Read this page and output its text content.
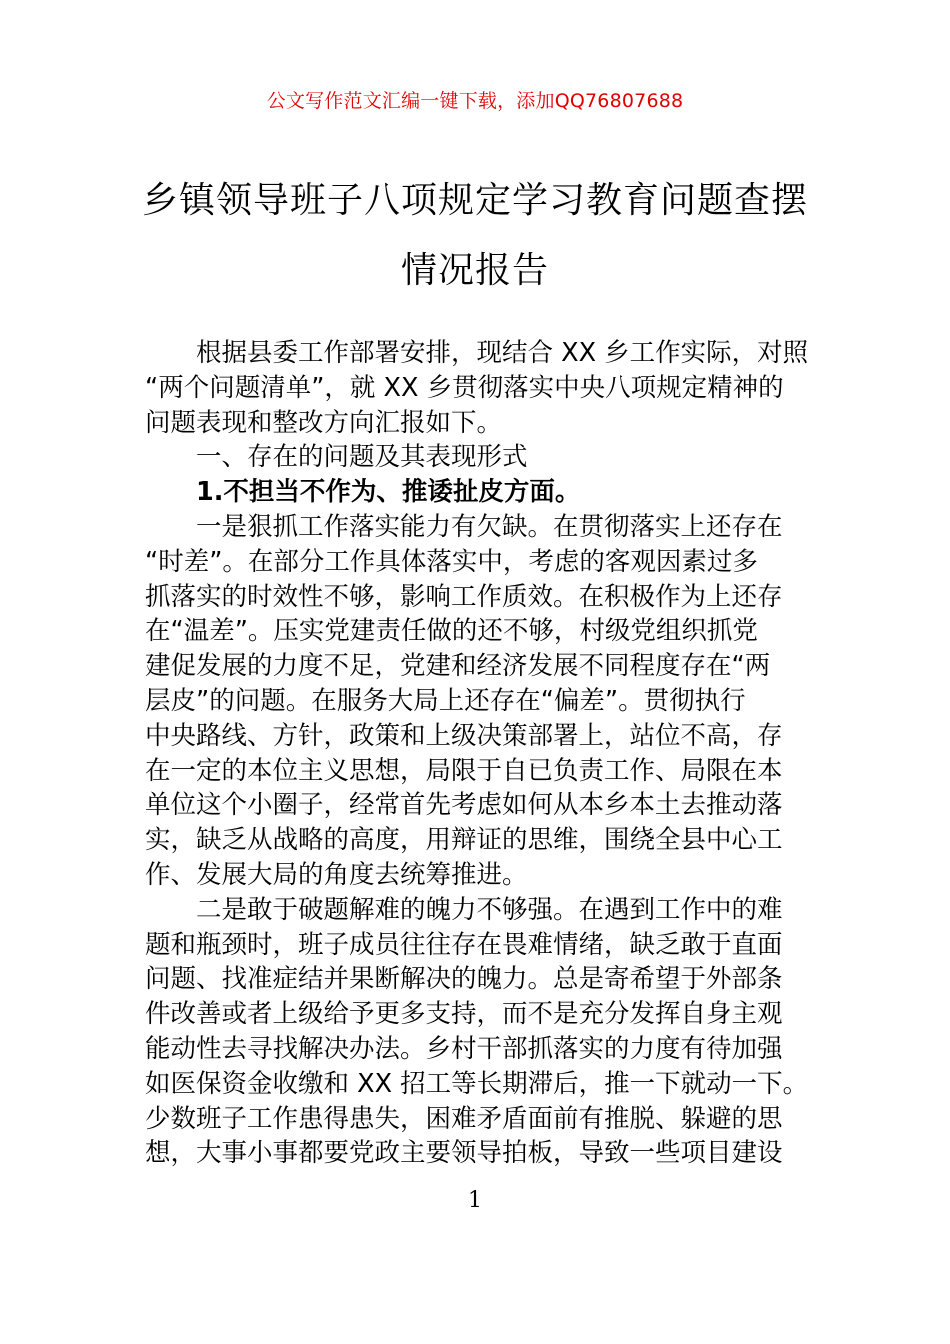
公文写作范文汇编一键下载，添加QQ76807688
乡镇领导班子八项规定学习教育问题查摆
情况报告
　　根据县委工作部署安排，现结合 XX 乡工作实际，对照
“两个问题清单”，就 XX 乡贯彻落实中央八项规定精神的
问题表现和整改方向汇报如下。
　　一、存在的问题及其表现形式
　　1.不担当不作为、推诿扯皮方面。
　　一是狠抓工作落实能力有欠缺。在贯彻落实上还存在
“时差”。在部分工作具体落实中，考虑的客观因素过多
抓落实的时效性不够，影响工作质效。在积极作为上还存
在“温差”。压实党建责任做的还不够，村级党组织抓党
建促发展的力度不足，党建和经济发展不同程度存在“两
层皮”的问题。在服务大局上还存在“偏差”。贯彻执行
中央路线、方针，政策和上级决策部署上，站位不高，存
在一定的本位主义思想，局限于自已负责工作、局限在本
单位这个小圈子，经常首先考虑如何从本乡本土去推动落
实，缺乏从战略的高度，用辩证的思维，围绕全县中心工
作、发展大局的角度去统筹推进。
　　二是敢于破题解难的魄力不够强。在遇到工作中的难
题和瓶颈时，班子成员往往存在畏难情绪，缺乏敢于直面
问题、找准症结并果断解决的魄力。总是寄希望于外部条
件改善或者上级给予更多支持，而不是充分发挥自身主观
能动性去寻找解决办法。乡村干部抓落实的力度有待加强
如医保资金收缴和 XX 招工等长期滞后，推一下就动一下。
少数班子工作患得患失，困难矛盾面前有推脱、躲避的思
想，大事小事都要党政主要领导拍板，导致一些项目建设
1
